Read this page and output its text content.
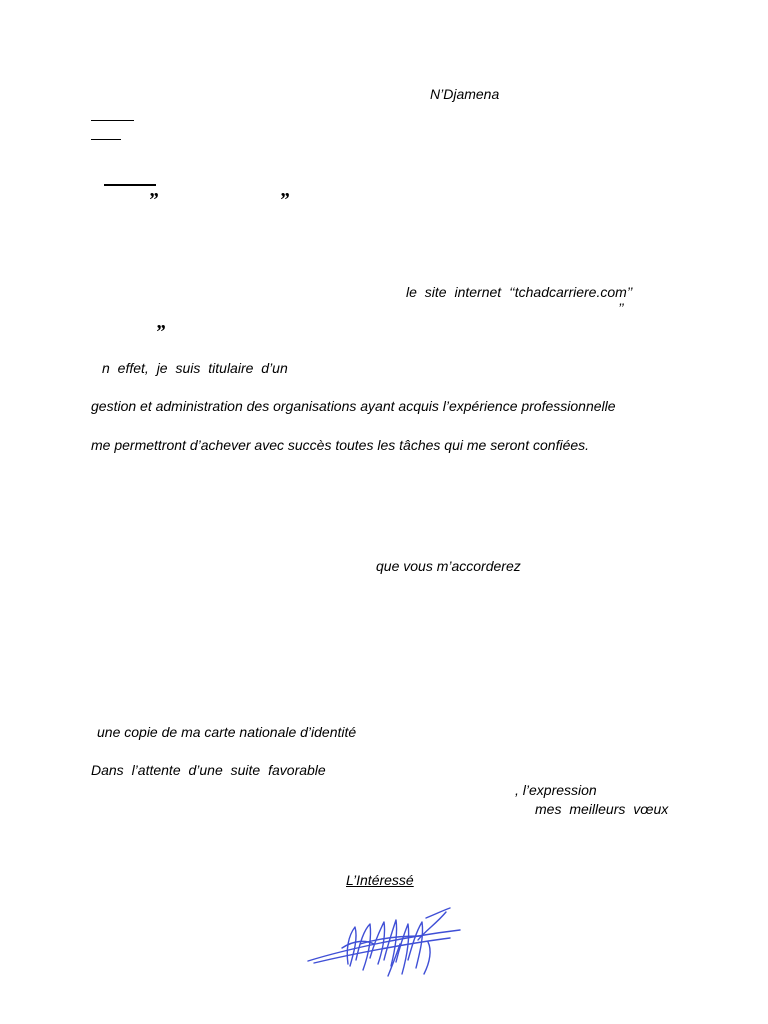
N’Djamena
„	„
le site internet ‘‘tchadcarriere.com’’
’’
„
n effet, je suis titulaire d’un
gestion et administration des organisations ayant acquis l’expérience professionnelle
me permettront d’achever avec succès toutes les tâches qui me seront confiées.
que vous m’accorderez
une copie de ma carte nationale d’identité
Dans l’attente d’une suite favorable
, l’expression
mes meilleurs vœux
L’Intéressé
